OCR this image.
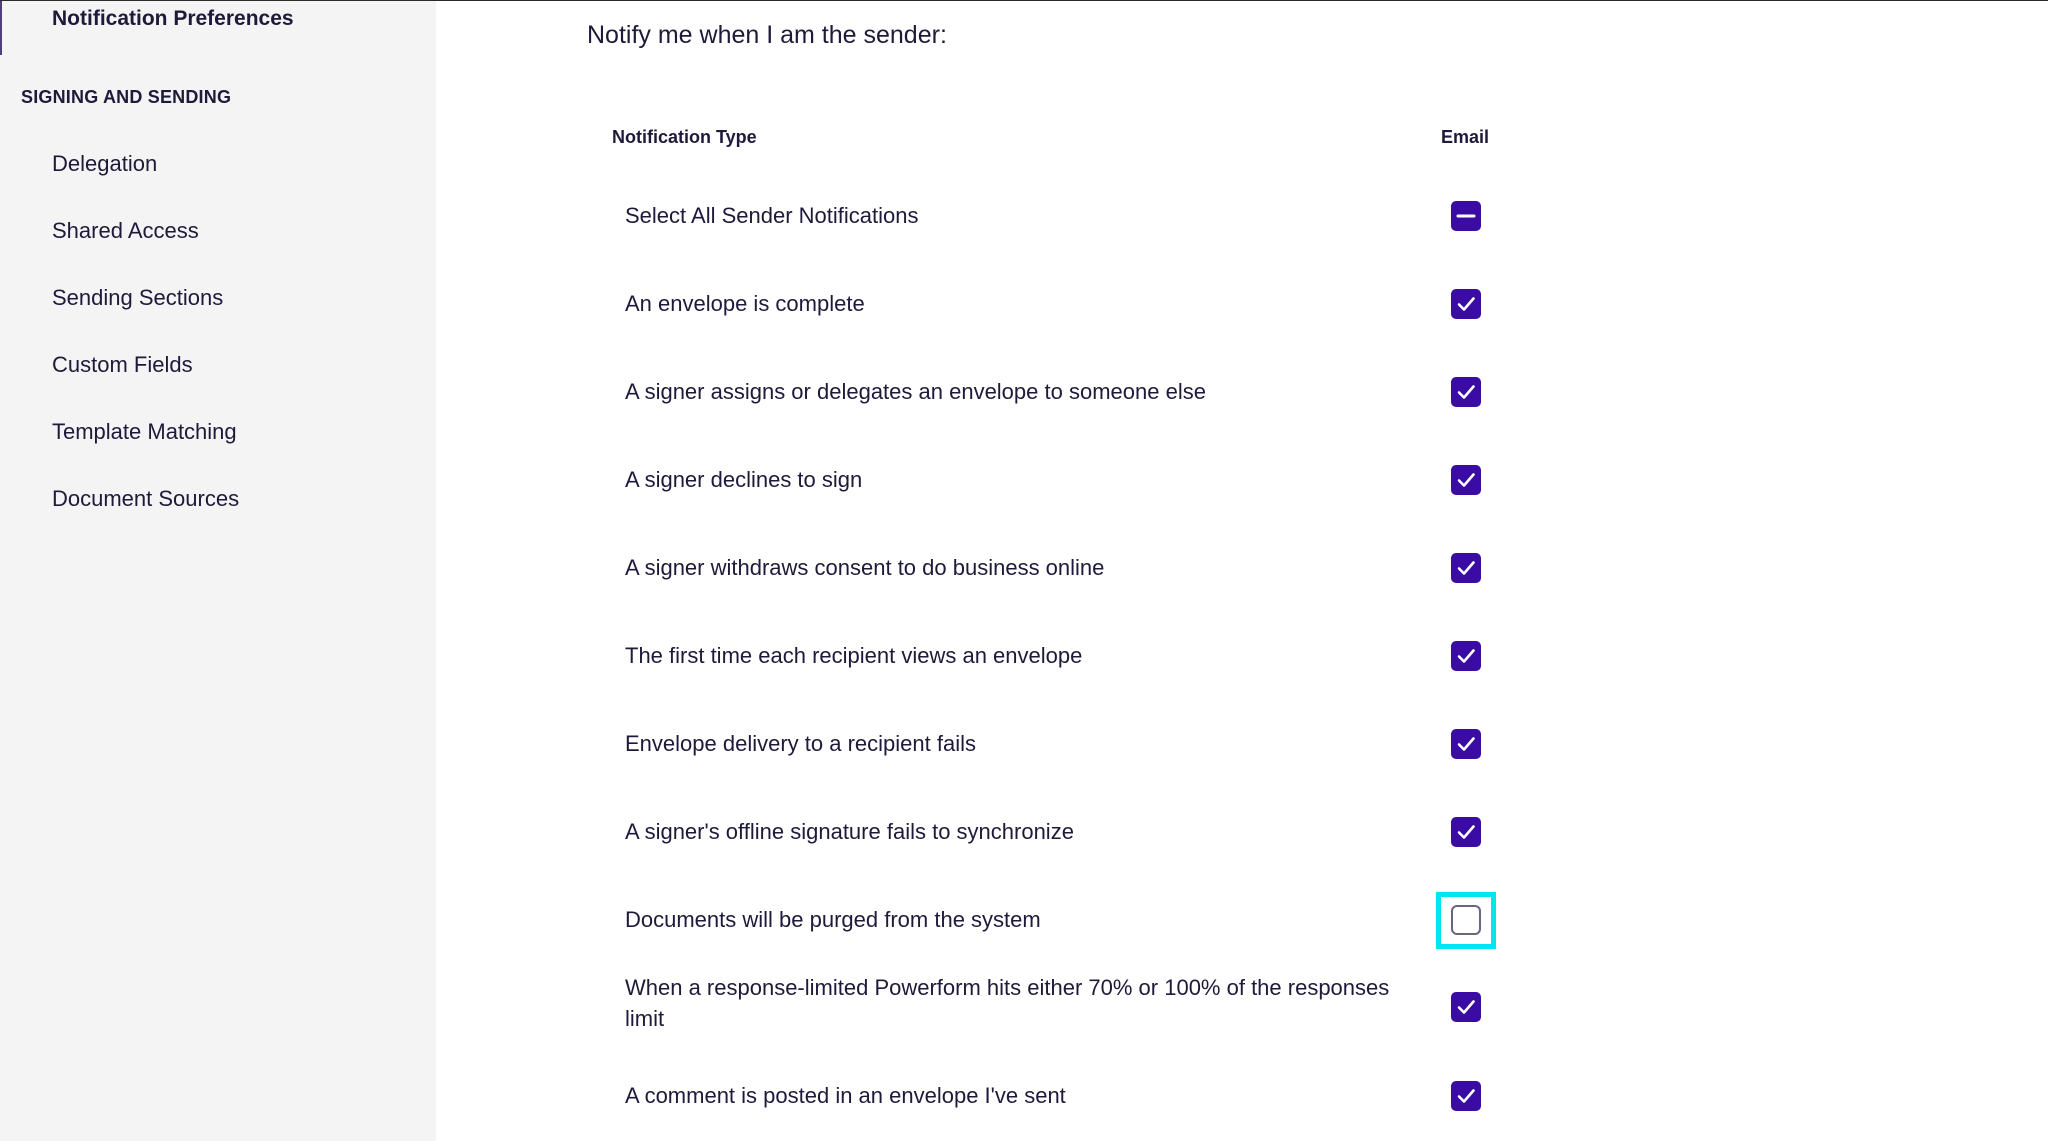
Notification Preferences
SIGNING AND SENDING
Delegation
Shared Access
Sending Sections
Custom Fields
Template Matching
Document Sources
Notify me when I am the sender:
Notification Type	Email
Select All Sender Notifications
An envelope is complete
A signer assigns or delegates an envelope to someone else
A signer declines to sign
A signer withdraws consent to do business online
The first time each recipient views an envelope
Envelope delivery to a recipient fails
A signer's offline signature fails to synchronize
Documents will be purged from the system
When a response-limited Powerform hits either 70% or 100% of the responses limit
A comment is posted in an envelope I've sent
